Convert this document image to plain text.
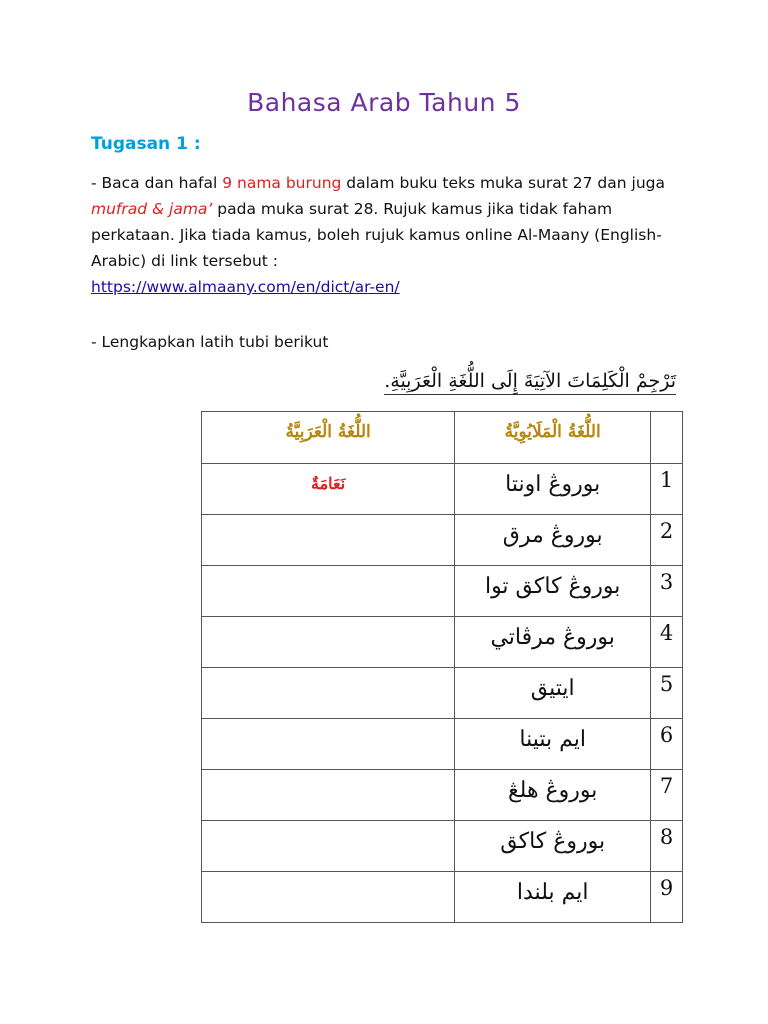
Bahasa Arab Tahun 5
Tugasan 1 :
- Baca dan hafal 9 nama burung dalam buku teks muka surat 27 dan juga mufrad & jama’ pada muka surat 28. Rujuk kamus jika tidak faham perkataan. Jika tiada kamus, boleh rujuk kamus online Al-Maany (English-Arabic) di link tersebut :
https://www.almaany.com/en/dict/ar-en/
- Lengkapkan latih tubi berikut
تَرْجِمْ الْكَلِمَاتَ الآتِيَةَ إِلَى اللُّغَةِ الْعَرَبِيَّةِ.
اللُّغَةُ الْعَرَبِيَّةُ	اللُّغَةُ الْمَلَايُوِيَّةُ	

نَعَامَةٌ	بوروڠ اونتا	1

	بوروڠ مرق	2

	بوروڠ كاكق توا	3

	بوروڠ مرڤاتي	4

	ايتيق	5

	ايم بتينا	6

	بوروڠ هلڠ	7

	بوروڠ كاكق	8

	ايم بلندا	9
